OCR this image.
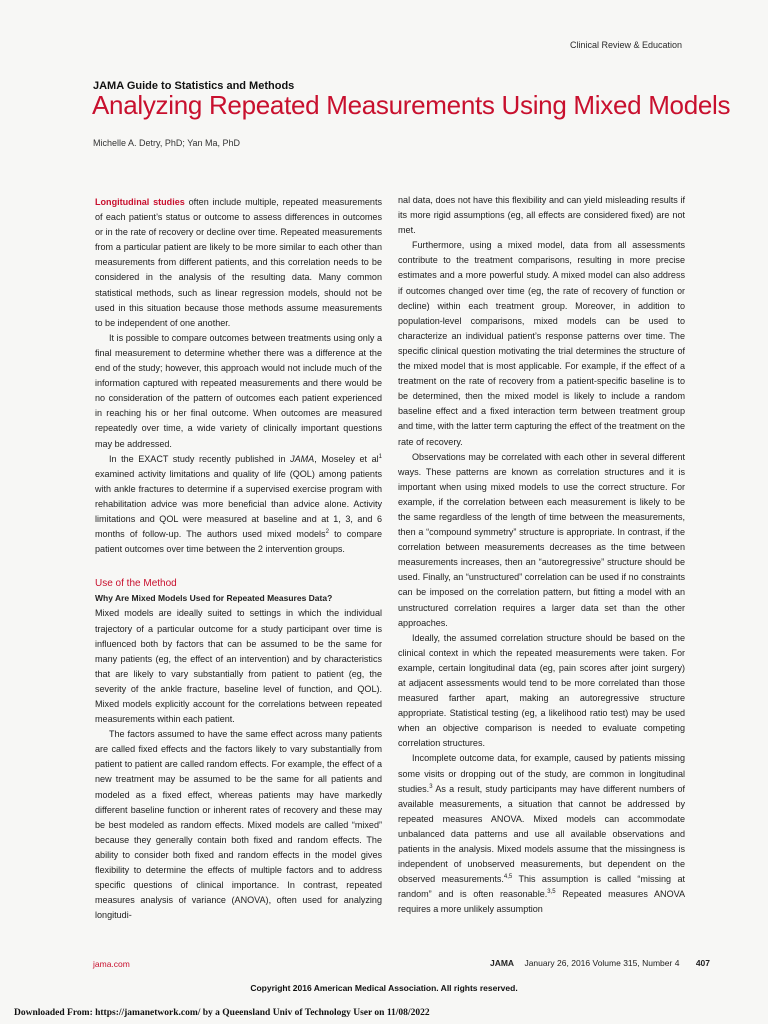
Clinical Review & Education
JAMA Guide to Statistics and Methods
Analyzing Repeated Measurements Using Mixed Models
Michelle A. Detry, PhD; Yan Ma, PhD

Longitudinal studies often include multiple, repeated measurements of each patient’s status or outcome to assess differences in outcomes or in the rate of recovery or decline over time. Repeated measurements from a particular patient are likely to be more similar to each other than measurements from different patients, and this correlation needs to be considered in the analysis of the resulting data. Many common statistical methods, such as linear regression models, should not be used in this situation because those methods assume measurements to be independent of one another.

It is possible to compare outcomes between treatments using only a final measurement to determine whether there was a difference at the end of the study; however, this approach would not include much of the information captured with repeated measurements and there would be no consideration of the pattern of outcomes each patient experienced in reaching his or her final outcome. When outcomes are measured repeatedly over time, a wide variety of clinically important questions may be addressed.

In the EXACT study recently published in JAMA, Moseley et $al^1$ examined activity limitations and quality of life (QOL) among patients with ankle fractures to determine if a supervised exercise program with rehabilitation advice was more beneficial than advice alone. Activity limitations and QOL were measured at baseline and at 1, 3, and 6 months of follow-up. The authors used mixed models$^2$ to compare patient outcomes over time between the 2 intervention groups.

Use of the Method
Why Are Mixed Models Used for Repeated Measures Data?

Mixed models are ideally suited to settings in which the individual trajectory of a particular outcome for a study participant over time is influenced both by factors that can be assumed to be the same for many patients (eg, the effect of an intervention) and by characteristics that are likely to vary substantially from patient to patient (eg, the severity of the ankle fracture, baseline level of function, and QOL). Mixed models explicitly account for the correlations between repeated measurements within each patient.

The factors assumed to have the same effect across many patients are called fixed effects and the factors likely to vary substantially from patient to patient are called random effects. For example, the effect of a new treatment may be assumed to be the same for all patients and modeled as a fixed effect, whereas patients may have markedly different baseline function or inherent rates of recovery and these may be best modeled as random effects. Mixed models are called “mixed” because they generally contain both fixed and random effects. The ability to consider both fixed and random effects in the model gives flexibility to determine the effects of multiple factors and to address specific questions of clinical importance. In contrast, repeated measures analysis of variance (ANOVA), often used for analyzing longitudi-

nal data, does not have this flexibility and can yield misleading results if its more rigid assumptions (eg, all effects are considered fixed) are not met.

Furthermore, using a mixed model, data from all assessments contribute to the treatment comparisons, resulting in more precise estimates and a more powerful study. A mixed model can also address if outcomes changed over time (eg, the rate of recovery of function or decline) within each treatment group. Moreover, in addition to population-level comparisons, mixed models can be used to characterize an individual patient’s response patterns over time. The specific clinical question motivating the trial determines the structure of the mixed model that is most applicable. For example, if the effect of a treatment on the rate of recovery from a patient-specific baseline is to be determined, then the mixed model is likely to include a random baseline effect and a fixed interaction term between treatment group and time, with the latter term capturing the effect of the treatment on the rate of recovery.

Observations may be correlated with each other in several different ways. These patterns are known as correlation structures and it is important when using mixed models to use the correct structure. For example, if the correlation between each measurement is likely to be the same regardless of the length of time between the measurements, then a “compound symmetry” structure is appropriate. In contrast, if the correlation between measurements decreases as the time between measurements increases, then an “autoregressive” structure should be used. Finally, an “unstructured” correlation can be used if no constraints can be imposed on the correlation pattern, but fitting a model with an unstructured correlation requires a larger data set than the other approaches.

Ideally, the assumed correlation structure should be based on the clinical context in which the repeated measurements were taken. For example, certain longitudinal data (eg, pain scores after joint surgery) at adjacent assessments would tend to be more correlated than those measured farther apart, making an autoregressive structure appropriate. Statistical testing (eg, a likelihood ratio test) may be used when an objective comparison is needed to evaluate competing correlation structures.

Incomplete outcome data, for example, caused by patients missing some visits or dropping out of the study, are common in longitudinal studies.$^3$ As a result, study participants may have different numbers of available measurements, a situation that cannot be addressed by repeated measures ANOVA. Mixed models can accommodate unbalanced data patterns and use all available observations and patients in the analysis. Mixed models assume that the missingness is independent of unobserved measurements, but dependent on the observed measurements.$^{4,5}$ This assumption is called “missing at random” and is often reasonable.$^{3,5}$ Repeated measures ANOVA requires a more unlikely assumption

jama.com	JAMA January 26, 2016 Volume 315, Number 4 407
Copyright 2016 American Medical Association. All rights reserved.
Downloaded From: https://jamanetwork.com/ by a Queensland Univ of Technology User on 11/08/2022
